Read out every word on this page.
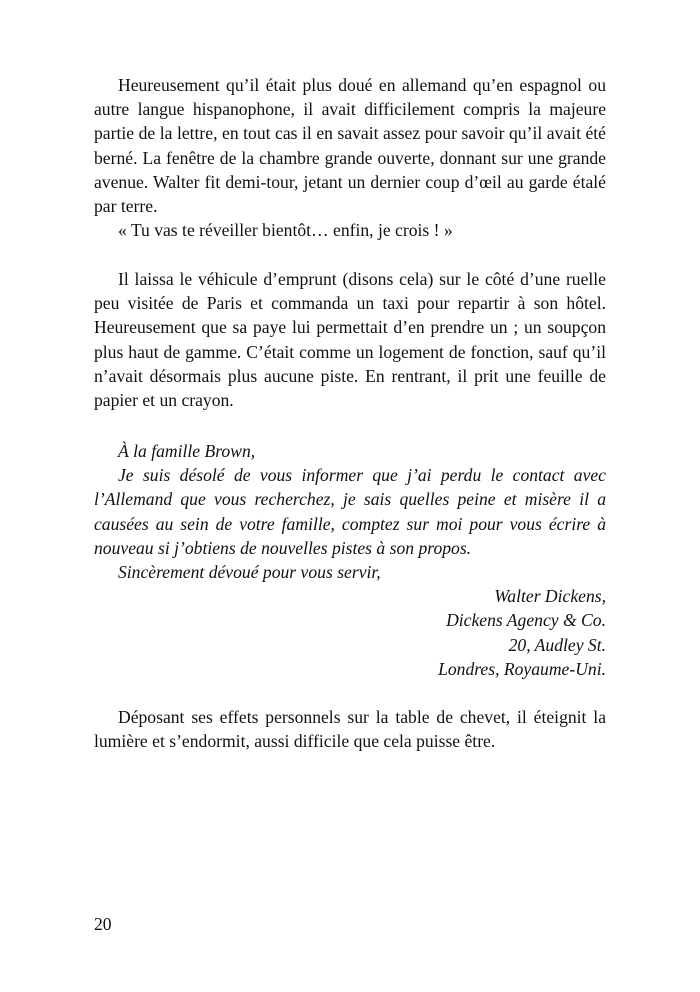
Heureusement qu’il était plus doué en allemand qu’en espagnol ou autre langue hispanophone, il avait difficilement compris la majeure partie de la lettre, en tout cas il en savait assez pour savoir qu’il avait été berné. La fenêtre de la chambre grande ouverte, donnant sur une grande avenue. Walter fit demi-tour, jetant un dernier coup d’œil au garde étalé par terre.

« Tu vas te réveiller bientôt… enfin, je crois ! »

Il laissa le véhicule d’emprunt (disons cela) sur le côté d’une ruelle peu visitée de Paris et commanda un taxi pour repartir à son hôtel. Heureusement que sa paye lui permettait d’en prendre un ; un soupçon plus haut de gamme. C’était comme un logement de fonction, sauf qu’il n’avait désormais plus aucune piste. En rentrant, il prit une feuille de papier et un crayon.

À la famille Brown,

Je suis désolé de vous informer que j’ai perdu le contact avec l’Allemand que vous recherchez, je sais quelles peine et misère il a causées au sein de votre famille, comptez sur moi pour vous écrire à nouveau si j’obtiens de nouvelles pistes à son propos.

Sincèrement dévoué pour vous servir,

Walter Dickens,
Dickens Agency & Co.
20, Audley St.
Londres, Royaume-Uni.

Déposant ses effets personnels sur la table de chevet, il éteignit la lumière et s’endormit, aussi difficile que cela puisse être.

20
